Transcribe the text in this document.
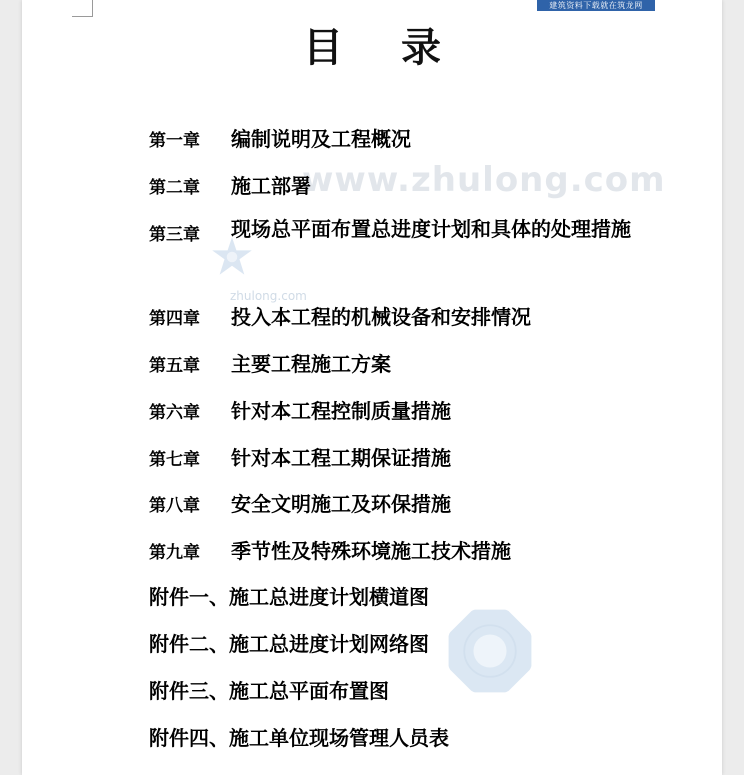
建筑资料下载就在筑龙网
www.zhulong.com
zhulong.com
目 录
第一章 编制说明及工程概况
第二章 施工部署
第三章 现场总平面布置总进度计划和具体的处理措施
第四章 投入本工程的机械设备和安排情况
第五章 主要工程施工方案
第六章 针对本工程控制质量措施
第七章 针对本工程工期保证措施
第八章 安全文明施工及环保措施
第九章 季节性及特殊环境施工技术措施
附件一、施工总进度计划横道图
附件二、施工总进度计划网络图
附件三、施工总平面布置图
附件四、施工单位现场管理人员表
